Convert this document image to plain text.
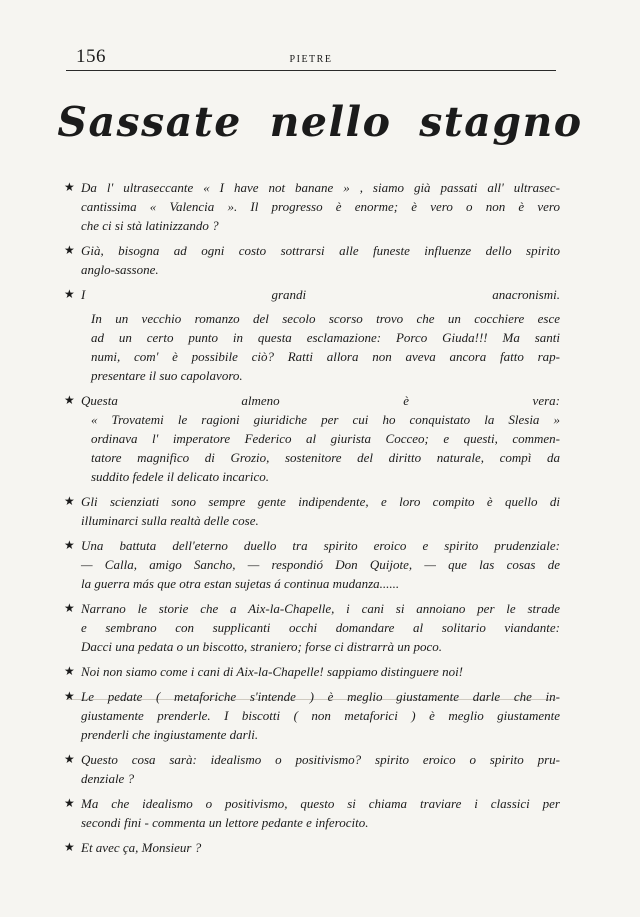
156	PIETRE
Sassate nello stagno
★ Da l' ultraseccante « I have not banane » , siamo già passati all' ultrasec-
cantissima « Valencia ». Il progresso è enorme; è vero o non è vero
che ci si stà latinizzando ?
★ Già, bisogna ad ogni costo sottrarsi alle funeste influenze dello spirito
anglo-sassone.
★ I grandi anacronismi.
In un vecchio romanzo del secolo scorso trovo che un cocchiere esce
ad un certo punto in questa esclamazione: Porco Giuda!!! Ma santi
numi, com' è possibile ciò? Ratti allora non aveva ancora fatto rap-
presentare il suo capolavoro.
★ Questa almeno è vera:
« Trovatemi le ragioni giuridiche per cui ho conquistato la Slesia »
ordinava l' imperatore Federico al giurista Cocceo; e questi, commen-
tatore magnifico di Grozio, sostenitore del diritto naturale, compì da
suddito fedele il delicato incarico.
★ Gli scienziati sono sempre gente indipendente, e loro compito è quello di
illuminarci sulla realtà delle cose.
★ Una battuta dell'eterno duello tra spirito eroico e spirito prudenziale:
— Calla, amigo Sancho, — respondió Don Quijote, — que las cosas de
la guerra más que otra estan sujetas á continua mudanza......
★ Narrano le storie che a Aix-la-Chapelle, i cani si annoiano per le strade
e sembrano con supplicanti occhi domandare al solitario viandante:
Dacci una pedata o un biscotto, straniero; forse ci distrarrà un poco.
★ Noi non siamo come i cani di Aix-la-Chapelle! sappiamo distinguere noi!
★ Le pedate ( metaforiche s'intende ) è meglio giustamente darle che in-
giustamente prenderle. I biscotti ( non metaforici ) è meglio giustamente
prenderli che ingiustamente darli.
★ Questo cosa sarà: idealismo o positivismo? spirito eroico o spirito pru-
denziale ?
★ Ma che idealismo o positivismo, questo si chiama traviare i classici per
secondi fini - commenta un lettore pedante e inferocito.
★ Et avec ça, Monsieur ?
